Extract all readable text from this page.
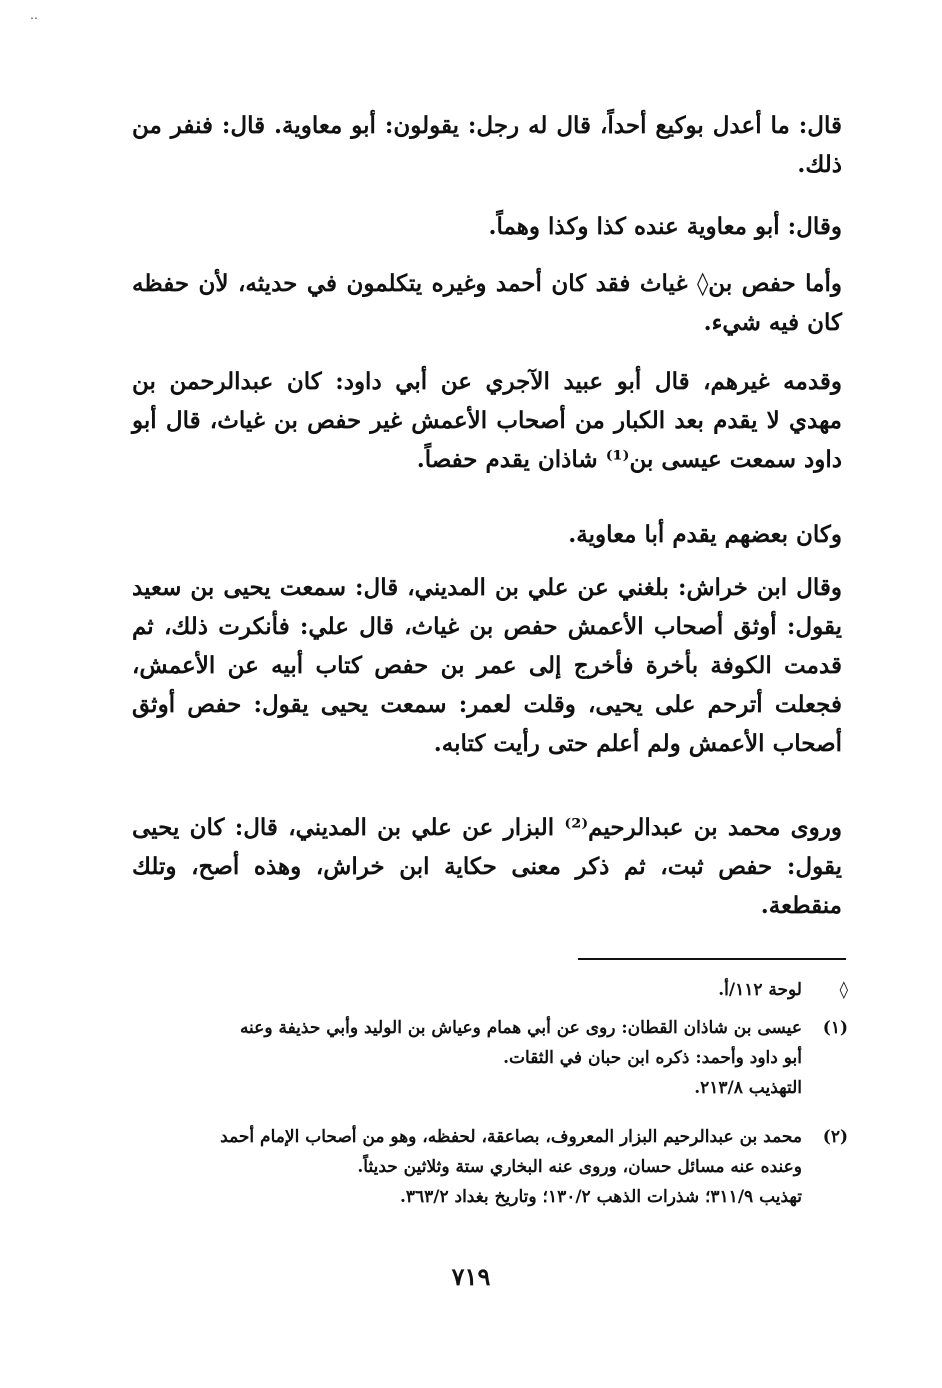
‥

قال: ما أعدل بوكيع أحداً، قال له رجل: يقولون: أبو معاوية. قال: فنفر من ذلك.

وقال: أبو معاوية عنده كذا وكذا وهماً.

وأما حفص بن◊ غياث فقد كان أحمد وغيره يتكلمون في حديثه، لأن حفظه كان فيه شيء.

وقدمه غيرهم، قال أبو عبيد الآجري عن أبي داود: كان عبدالرحمن بن مهدي لا يقدم بعد الكبار من أصحاب الأعمش غير حفص بن غياث، قال أبو داود سمعت عيسى بن⁽¹⁾ شاذان يقدم حفصاً.

وكان بعضهم يقدم أبا معاوية.

وقال ابن خراش: بلغني عن علي بن المديني، قال: سمعت يحيى بن سعيد يقول: أوثق أصحاب الأعمش حفص بن غياث، قال علي: فأنكرت ذلك، ثم قدمت الكوفة بأخرة فأخرج إلى عمر بن حفص كتاب أبيه عن الأعمش، فجعلت أترحم على يحيى، وقلت لعمر: سمعت يحيى يقول: حفص أوثق أصحاب الأعمش ولم أعلم حتى رأيت كتابه.

وروى محمد بن عبدالرحيم⁽²⁾ البزار عن علي بن المديني، قال: كان يحيى يقول: حفص ثبت، ثم ذكر معنى حكاية ابن خراش، وهذه أصح، وتلك منقطعة.

◊
لوحة ١١٢/أ.
(١)
عيسى بن شاذان القطان: روى عن أبي همام وعياش بن الوليد وأبي حذيفة وعنه
أبو داود وأحمد: ذكره ابن حبان في الثقات.
التهذيب ٢١٣/٨.
(٢)
محمد بن عبدالرحيم البزار المعروف، بصاعقة، لحفظه، وهو من أصحاب الإمام أحمد
وعنده عنه مسائل حسان، وروى عنه البخاري ستة وثلاثين حديثاً.
تهذيب ٣١١/٩؛ شذرات الذهب ١٣٠/٢؛ وتاريخ بغداد ٣٦٣/٢.
٧١٩
